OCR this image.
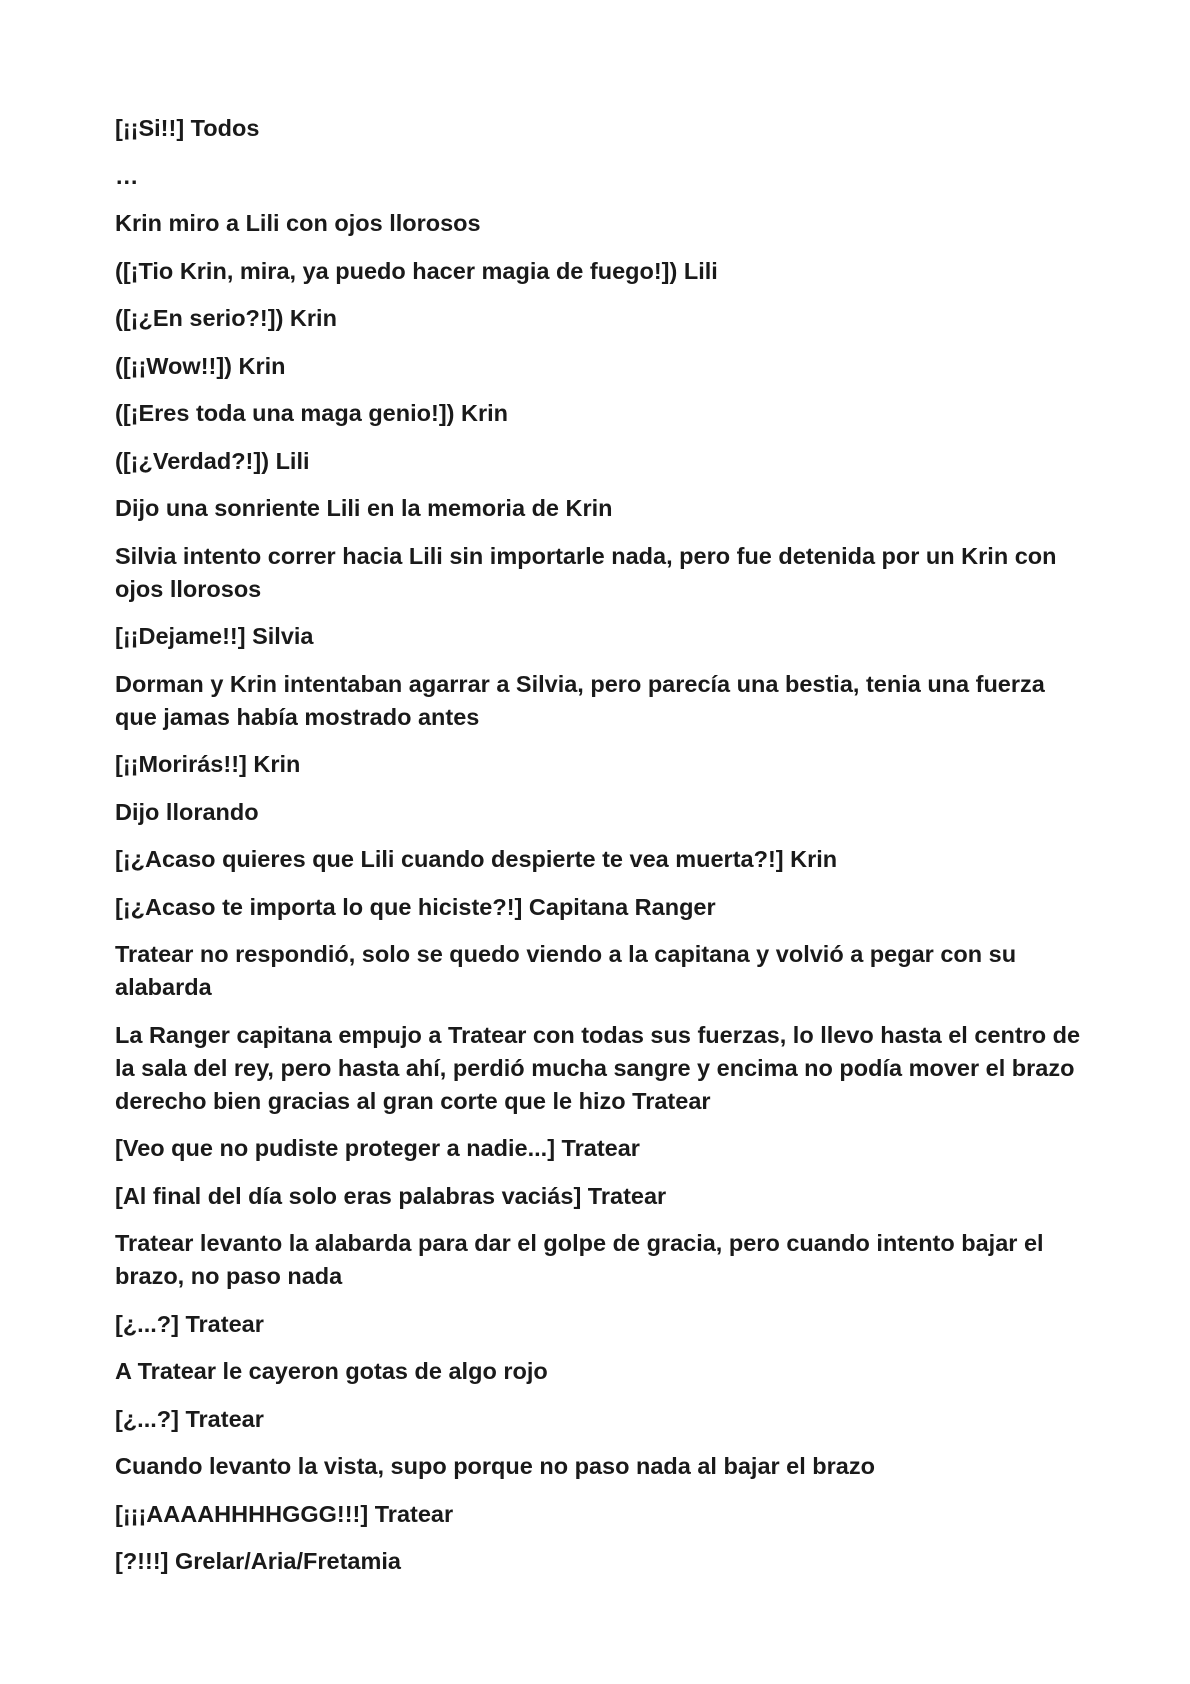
[¡¡Si!!] Todos

…

Krin miro a Lili con ojos llorosos

([¡Tio Krin, mira, ya puedo hacer magia de fuego!]) Lili

([¡¿En serio?!]) Krin

([¡¡Wow!!]) Krin

([¡Eres toda una maga genio!]) Krin

([¡¿Verdad?!]) Lili

Dijo una sonriente Lili en la memoria de Krin

Silvia intento correr hacia Lili sin importarle nada, pero fue detenida por un Krin con ojos llorosos

[¡¡Dejame!!] Silvia

Dorman y Krin intentaban agarrar a Silvia, pero parecía una bestia, tenia una fuerza que jamas había mostrado antes

[¡¡Morirás!!] Krin

Dijo llorando

[¡¿Acaso quieres que Lili cuando despierte te vea muerta?!] Krin

[¡¿Acaso te importa lo que hiciste?!] Capitana Ranger

Tratear no respondió, solo se quedo viendo a la capitana y volvió a pegar con su alabarda

La Ranger capitana empujo a Tratear con todas sus fuerzas, lo llevo hasta el centro de la sala del rey, pero hasta ahí, perdió mucha sangre y encima no podía mover el brazo derecho bien gracias al gran corte que le hizo Tratear

[Veo que no pudiste proteger a nadie...] Tratear

[Al final del día solo eras palabras vaciás] Tratear

Tratear levanto la alabarda para dar el golpe de gracia, pero cuando intento bajar el brazo, no paso nada

[¿...?] Tratear

A Tratear le cayeron gotas de algo rojo

[¿...?] Tratear

Cuando levanto la vista, supo porque no paso nada al bajar el brazo

[¡¡¡AAAAHHHHGGG!!!] Tratear

[?!!!] Grelar/Aria/Fretamia
